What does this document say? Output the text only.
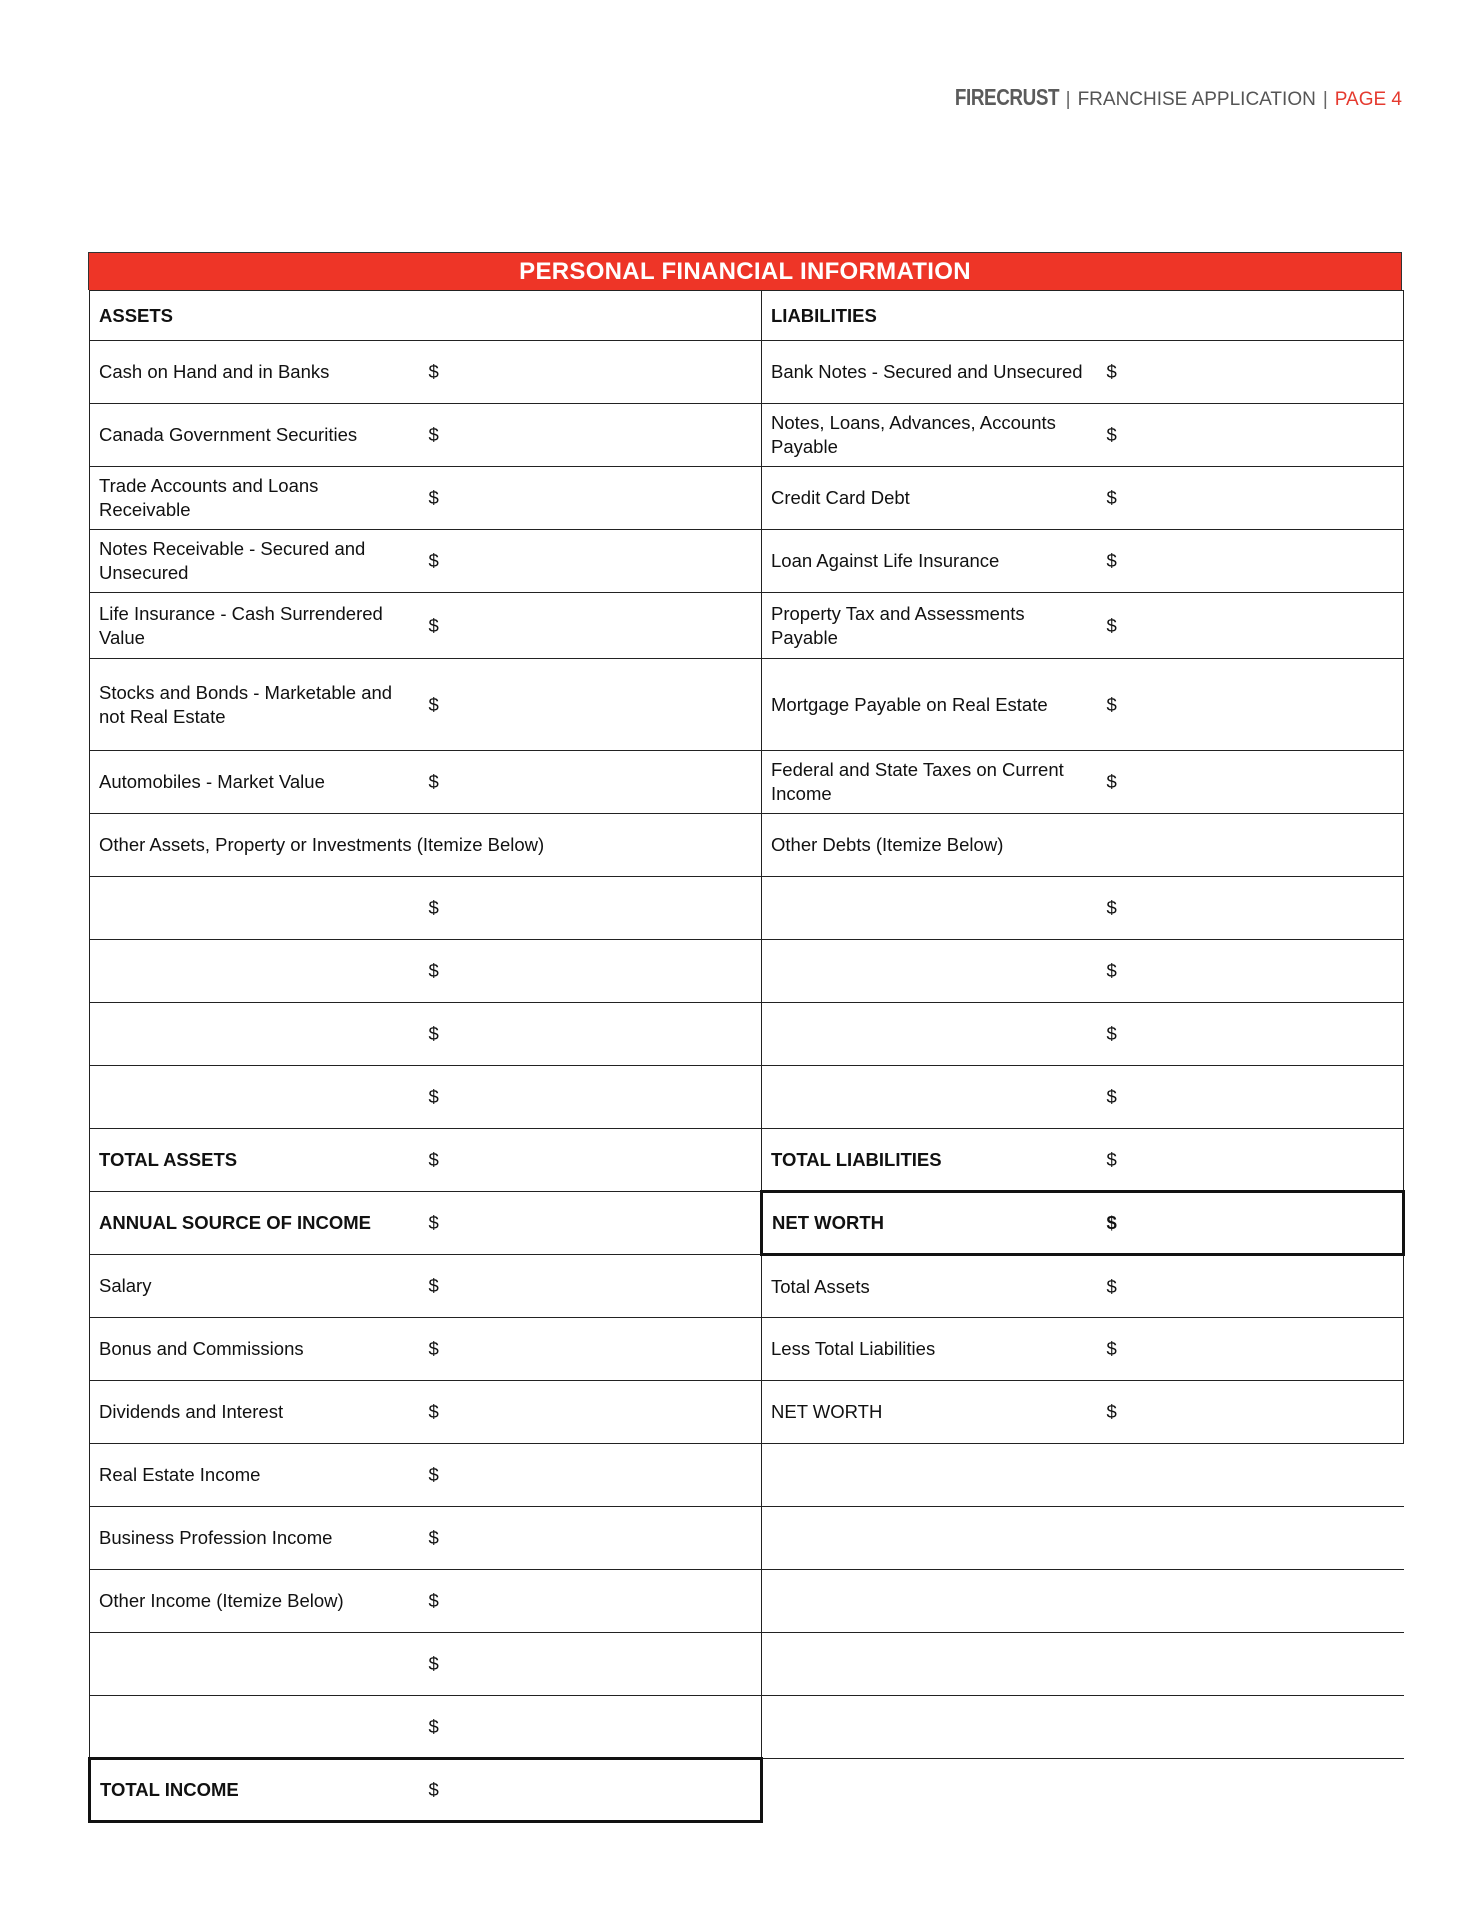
FIRECRUST | FRANCHISE APPLICATION | PAGE 4
PERSONAL FINANCIAL INFORMATION
ASSETS		LIABILITIES	
Cash on Hand and in Banks	$	Bank Notes - Secured and Unsecured	$
Canada Government Securities	$	Notes, Loans, Advances, Accounts Payable	$
Trade Accounts and Loans Receivable	$	Credit Card Debt	$
Notes Receivable - Secured and Unsecured	$	Loan Against Life Insurance	$
Life Insurance - Cash Surrendered Value	$	Property Tax and Assessments Payable	$
Stocks and Bonds - Marketable and not Real Estate	$	Mortgage Payable on Real Estate	$
Automobiles - Market Value	$	Federal and State Taxes on Current Income	$
Other Assets, Property or Investments (Itemize Below)		Other Debts (Itemize Below)	
	$		$
	$		$
	$		$
	$		$
TOTAL ASSETS	$	TOTAL LIABILITIES	$
ANNUAL SOURCE OF INCOME	$	NET WORTH	$
Salary	$	Total Assets	$
Bonus and Commissions	$	Less Total Liabilities	$
Dividends and Interest	$	NET WORTH	$
Real Estate Income	$		
Business Profession Income	$		
Other Income (Itemize Below)	$		
	$		
	$		
TOTAL INCOME	$		
